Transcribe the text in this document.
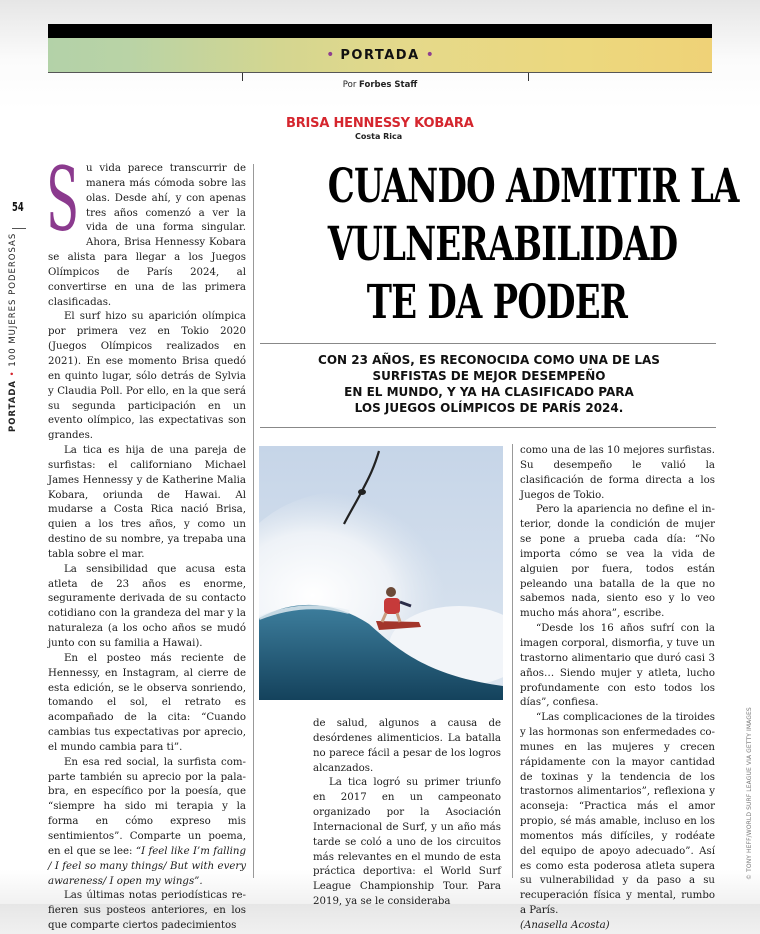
• PORTADA •
Por Forbes Staff
54
PORTADA • 100 MUJERES PODEROSAS
BRISA HENNESSY KOBARA
Costa Rica
CUANDO ADMITIR LA
VULNERABILIDAD
TE DA PODER
CON 23 AÑOS, ES RECONOCIDA COMO UNA DE LAS
SURFISTAS DE MEJOR DESEMPEÑO
EN EL MUNDO, Y YA HA CLASIFICADO PARA
LOS JUEGOS OLÍMPICOS DE PARÍS 2024.

Su vida parece transcurrir de manera más cómoda sobre las olas. Desde ahí, y con apenas tres años comenzó a ver la vida de una forma singular. Ahora, Brisa Hennessy Kobara se alista para llegar a los Juegos Olímpicos de París 2024, al convertirse en una de las primera clasificadas.

El surf hizo su aparición olímpica por primera vez en Tokio 2020 (Juegos Olímpicos realizados en 2021). En ese momento Brisa quedó en quinto lugar, sólo detrás de Sylvia y Claudia Poll. Por ello, en la que será su segunda participación en un evento olímpico, las expectativas son grandes.

La tica es hija de una pareja de surfistas: el californiano Michael James Hennessy y de Katherine Malia Kobara, oriunda de Hawai. Al mudarse a Costa Rica nació Brisa, quien a los tres años, y como un destino de su nombre, ya trepaba una tabla sobre el mar.

La sensibilidad que acusa esta atleta de 23 años es enorme, seguramente derivada de su contacto cotidiano con la grandeza del mar y la naturaleza (a los ocho años se mudó junto con su familia a Hawai).

En el posteo más reciente de Hennessy, en Instagram, al cierre de esta edición, se le observa sonriendo, tomando el sol, el retrato es acompañado de la cita: “Cuando cambias tus expectativas por aprecio, el mundo cambia para ti”.

En esa red social, la surfista comparte también su aprecio por la palabra, en específico por la poesía, que “siempre ha sido mi terapia y la forma en cómo expreso mis sentimientos”. Comparte un poema, en el que se lee: “I feel like I’m falling / I feel so many things/ But with every awareness/ I open my wings”.

Las últimas notas periodísticas refieren sus posteos anteriores, en los que comparte ciertos padecimientos

de salud, algunos a causa de desórdenes alimenticios. La batalla no parece fácil a pesar de los logros alcanzados.

La tica logró su primer triunfo en 2017 en un campeonato organizado por la Asociación Internacional de Surf, y un año más tarde se coló a uno de los circuitos más relevantes en el mundo de esta práctica deportiva: el World Surf League Championship Tour. Para 2019, ya se le consideraba

como una de las 10 mejores surfistas. Su desempeño le valió la clasificación de forma directa a los Juegos de Tokio.

Pero la apariencia no define el interior, donde la condición de mujer se pone a prueba cada día: “No importa cómo se vea la vida de alguien por fuera, todos están peleando una batalla de la que no sabemos nada, siento eso y lo veo mucho más ahora”, escribe.

“Desde los 16 años sufrí con la imagen corporal, dismorfia, y tuve un trastorno alimentario que duró casi 3 años… Siendo mujer y atleta, lucho profundamente con esto todos los días”, confiesa.

“Las complicaciones de la tiroides y las hormonas son enfermedades comunes en las mujeres y crecen rápidamente con la mayor cantidad de toxinas y la tendencia de los trastornos alimentarios”, reflexiona y aconseja: “Practica más el amor propio, sé más amable, incluso en los momentos más difíciles, y rodéate del equipo de apoyo adecuado”. Así es como esta poderosa atleta supera su vulnerabilidad y da paso a su recuperación física y mental, rumbo a París.

(Anasella Acosta)

© TONY HEFF/WORLD SURF LEAGUE VIA GETTY IMAGES
